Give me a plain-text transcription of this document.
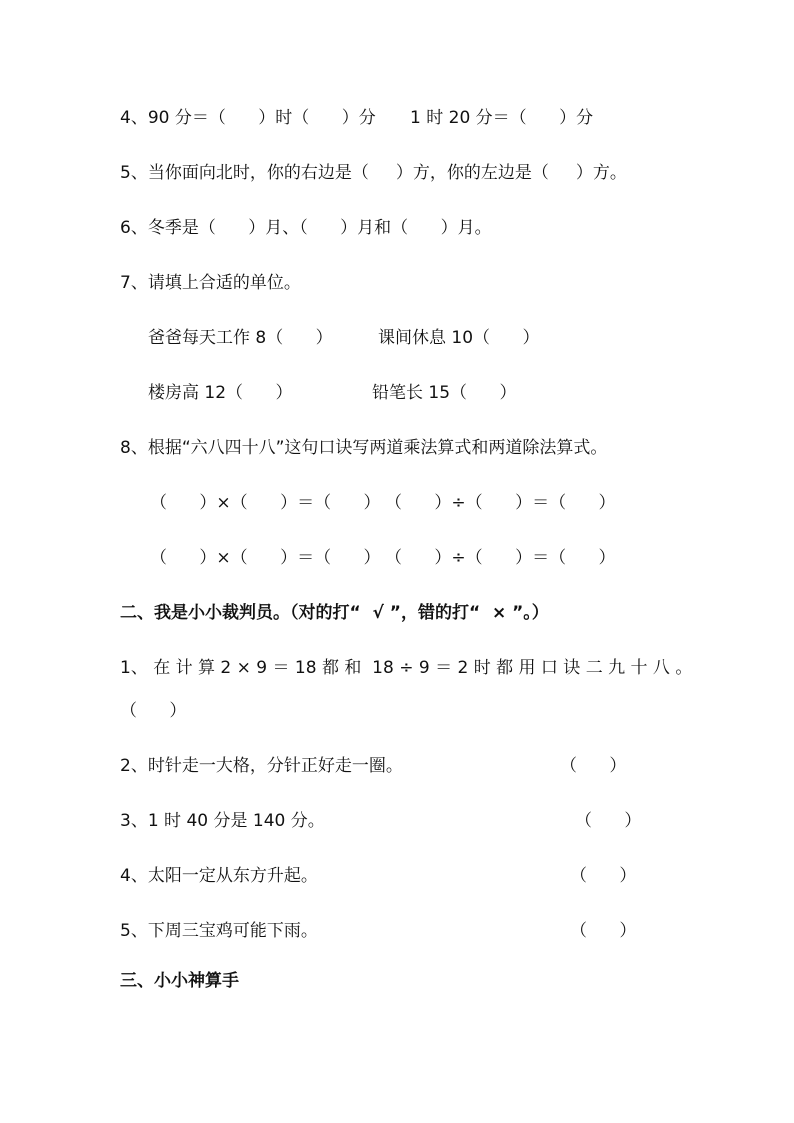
4、90 分＝（      ）时（      ）分 1 时 20 分＝（      ）分
5、当你面向北时，你的右边是（     ）方，你的左边是（     ）方。
6、冬季是（      ）月、（      ）月和（      ）月。
7、请填上合适的单位。
爸爸每天工作 8（      ）	课间休息 10（      ）
楼房高 12（      ）	铅笔长 15（      ）
8、根据“六八四十八”这句口诀写两道乘法算式和两道除法算式。
（      ）×（      ）＝（      ） （      ）÷（      ）＝（      ）
（      ）×（      ）＝（      ） （      ）÷（      ）＝（      ）
二、我是小小裁判员。（对的打“  √ ”，错的打“  × ”。）
1、 在 计 算 2 × 9 ＝ 18 都 和  18 ÷ 9 ＝ 2 时 都 用 口 诀 二 九 十 八 。
（      ）
2、时针走一大格，分针正好走一圈。	（      ）
3、1 时 40 分是 140 分。	（      ）
4、太阳一定从东方升起。	（      ）
5、下周三宝鸡可能下雨。	（      ）
三、小小神算手
